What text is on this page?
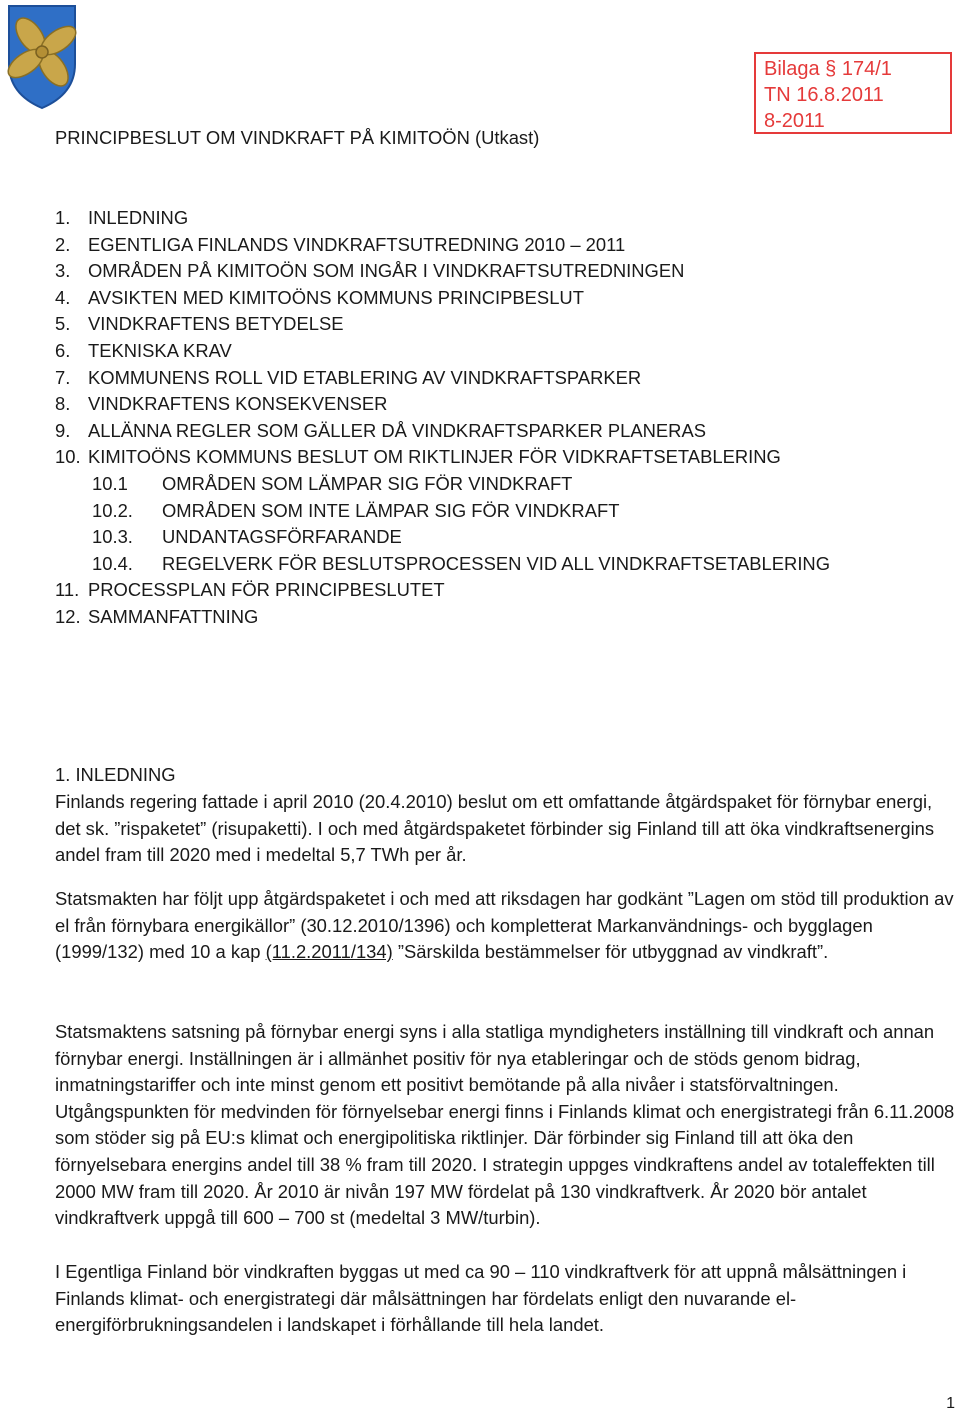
Bilaga § 174/1
TN 16.8.2011
8-2011
PRINCIPBESLUT OM VINDKRAFT PÅ KIMITOÖN (Utkast)
1. INLEDNING
2. EGENTLIGA FINLANDS VINDKRAFTSUTREDNING 2010 – 2011
3. OMRÅDEN PÅ KIMITOÖN SOM INGÅR I VINDKRAFTSUTREDNINGEN
4. AVSIKTEN MED KIMITOÖNS KOMMUNS PRINCIPBESLUT
5. VINDKRAFTENS BETYDELSE
6. TEKNISKA KRAV
7. KOMMUNENS ROLL VID ETABLERING AV VINDKRAFTSPARKER
8. VINDKRAFTENS KONSEKVENSER
9. ALLÄNNA REGLER SOM GÄLLER DÅ VINDKRAFTSPARKER PLANERAS
10. KIMITOÖNS KOMMUNS BESLUT OM RIKTLINJER FÖR VIDKRAFTSETABLERING
10.1 OMRÅDEN SOM LÄMPAR SIG FÖR VINDKRAFT
10.2. OMRÅDEN SOM INTE LÄMPAR SIG FÖR VINDKRAFT
10.3. UNDANTAGSFÖRFARANDE
10.4. REGELVERK FÖR BESLUTSPROCESSEN VID ALL VINDKRAFTSETABLERING
11. PROCESSPLAN FÖR PRINCIPBESLUTET
12. SAMMANFATTNING

1. INLEDNING

Finlands regering fattade i april 2010 (20.4.2010) beslut om ett omfattande åtgärdspaket för förnybar energi, det sk. ”rispaketet” (risupaketti). I och med åtgärdspaketet förbinder sig Finland till att öka vindkraftsenergins andel fram till 2020 med i medeltal 5,7 TWh per år.

Statsmakten har följt upp åtgärdspaketet i och med att riksdagen har godkänt ”Lagen om stöd till produktion av el från förnybara energikällor” (30.12.2010/1396) och kompletterat Markanvändnings- och bygglagen (1999/132) med 10 a kap (11.2.2011/134) ”Särskilda bestämmelser för utbyggnad av vindkraft”.

Statsmaktens satsning på förnybar energi syns i alla statliga myndigheters inställning till vindkraft och annan förnybar energi. Inställningen är i allmänhet positiv för nya etableringar och de stöds genom bidrag, inmatningstariffer och inte minst genom ett positivt bemötande på alla nivåer i statsförvaltningen. Utgångspunkten för medvinden för förnyelsebar energi finns i Finlands klimat och energistrategi från 6.11.2008 som stöder sig på EU:s klimat och energipolitiska riktlinjer. Där förbinder sig Finland till att öka den förnyelsebara energins andel till 38 % fram till 2020. I strategin uppges vindkraftens andel av totaleffekten till 2000 MW fram till 2020. År 2010 är nivån 197 MW fördelat på 130 vindkraftverk. År 2020 bör antalet vindkraftverk uppgå till 600 – 700 st (medeltal 3 MW/turbin).

I Egentliga Finland bör vindkraften byggas ut med ca 90 – 110 vindkraftverk för att uppnå målsättningen i Finlands klimat- och energistrategi där målsättningen har fördelats enligt den nuvarande el-energiförbrukningsandelen i landskapet i förhållande till hela landet.

1
